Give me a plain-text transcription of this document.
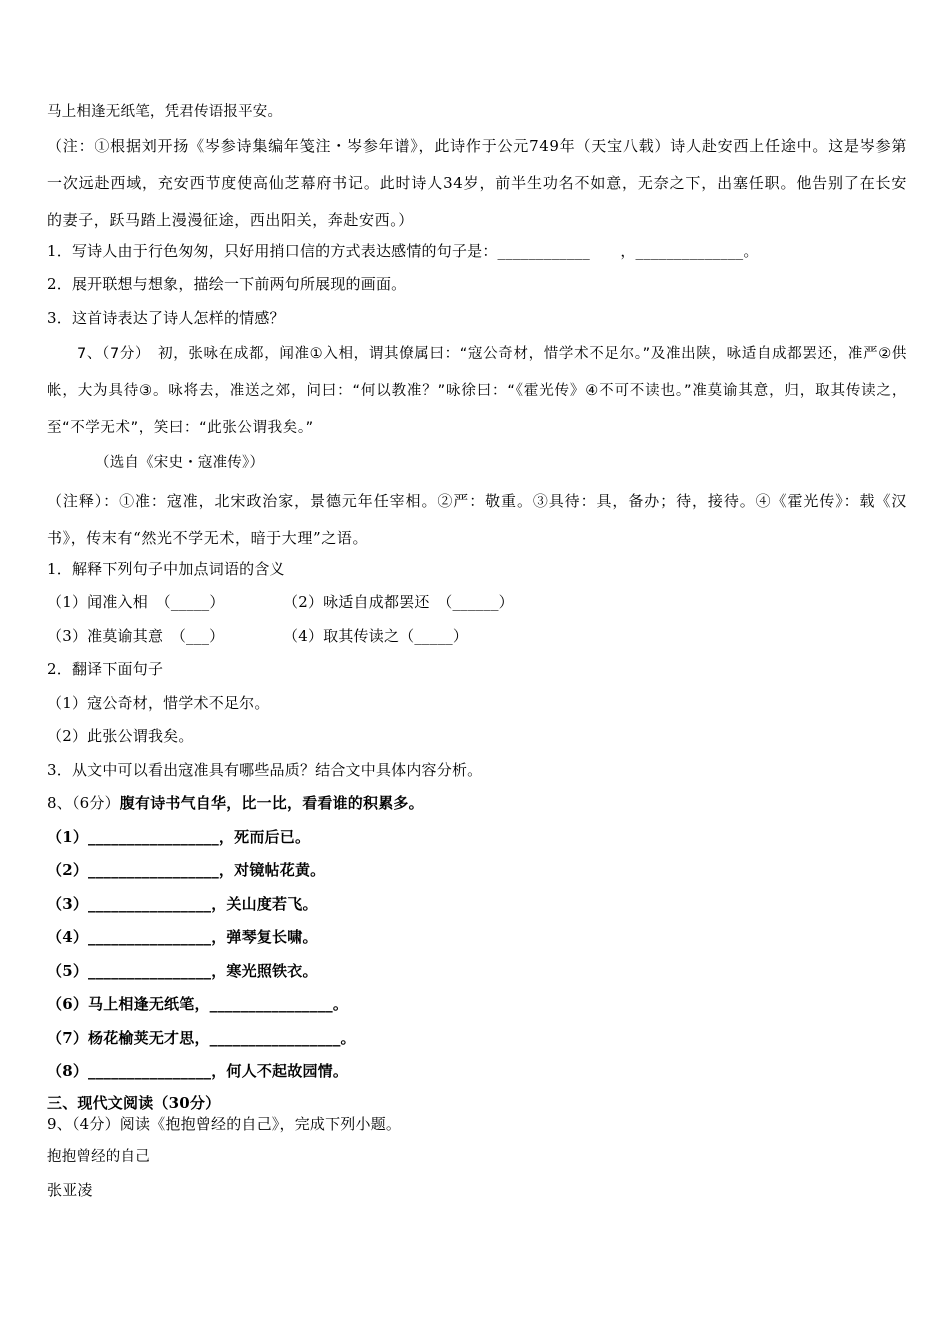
马上相逢无纸笔，凭君传语报平安。
（注：①根据刘开扬《岑参诗集编年笺注・岑参年谱》，此诗作于公元749年（天宝八载）诗人赴安西上任途中。这是岑参第一次远赴西域，充安西节度使高仙芝幕府书记。此时诗人34岁，前半生功名不如意，无奈之下，出塞任职。他告别了在长安的妻子，跃马踏上漫漫征途，西出阳关，奔赴安西。）
1．写诗人由于行色匆匆，只好用捎口信的方式表达感情的句子是：____________　　，______________。
2．展开联想与想象，描绘一下前两句所展现的画面。
3．这首诗表达了诗人怎样的情感？
7、（7分）　初，张咏在成都，闻准①入相，谓其僚属曰：“寇公奇材，惜学术不足尔。”及准出陕，咏适自成都罢还，准严②供帐，大为具待③。咏将去，准送之郊，问曰：“何以教准？”咏徐曰：“《霍光传》④不可不读也。”准莫谕其意，归，取其传读之，至“不学无术”，笑曰：“此张公谓我矣。”
（选自《宋史・寇准传》）
（注释）：①准：寇准，北宋政治家，景德元年任宰相。②严：敬重。③具待：具，备办；待，接待。④《霍光传》：载《汉书》，传末有“然光不学无术，暗于大理”之语。
1．解释下列句子中加点词语的含义
（1）闻准入相　（_____）	（2）咏适自成都罢还　（______）
（3）准莫谕其意　（___）	（4）取其传读之（_____）
2．翻译下面句子
（1）寇公奇材，惜学术不足尔。
（2）此张公谓我矣。
3．从文中可以看出寇准具有哪些品质？结合文中具体内容分析。
8、（6分）腹有诗书气自华，比一比，看看谁的积累多。
（1）_________________，死而后已。
（2）_________________，对镜帖花黄。
（3）________________，关山度若飞。
（4）________________，弹琴复长啸。
（5）________________，寒光照铁衣。
（6）马上相逢无纸笔，________________。
（7）杨花榆荚无才思，_________________。
（8）________________，何人不起故园情。
三、现代文阅读（30分）
9、（4分）阅读《抱抱曾经的自己》，完成下列小题。
抱抱曾经的自己
张亚凌
